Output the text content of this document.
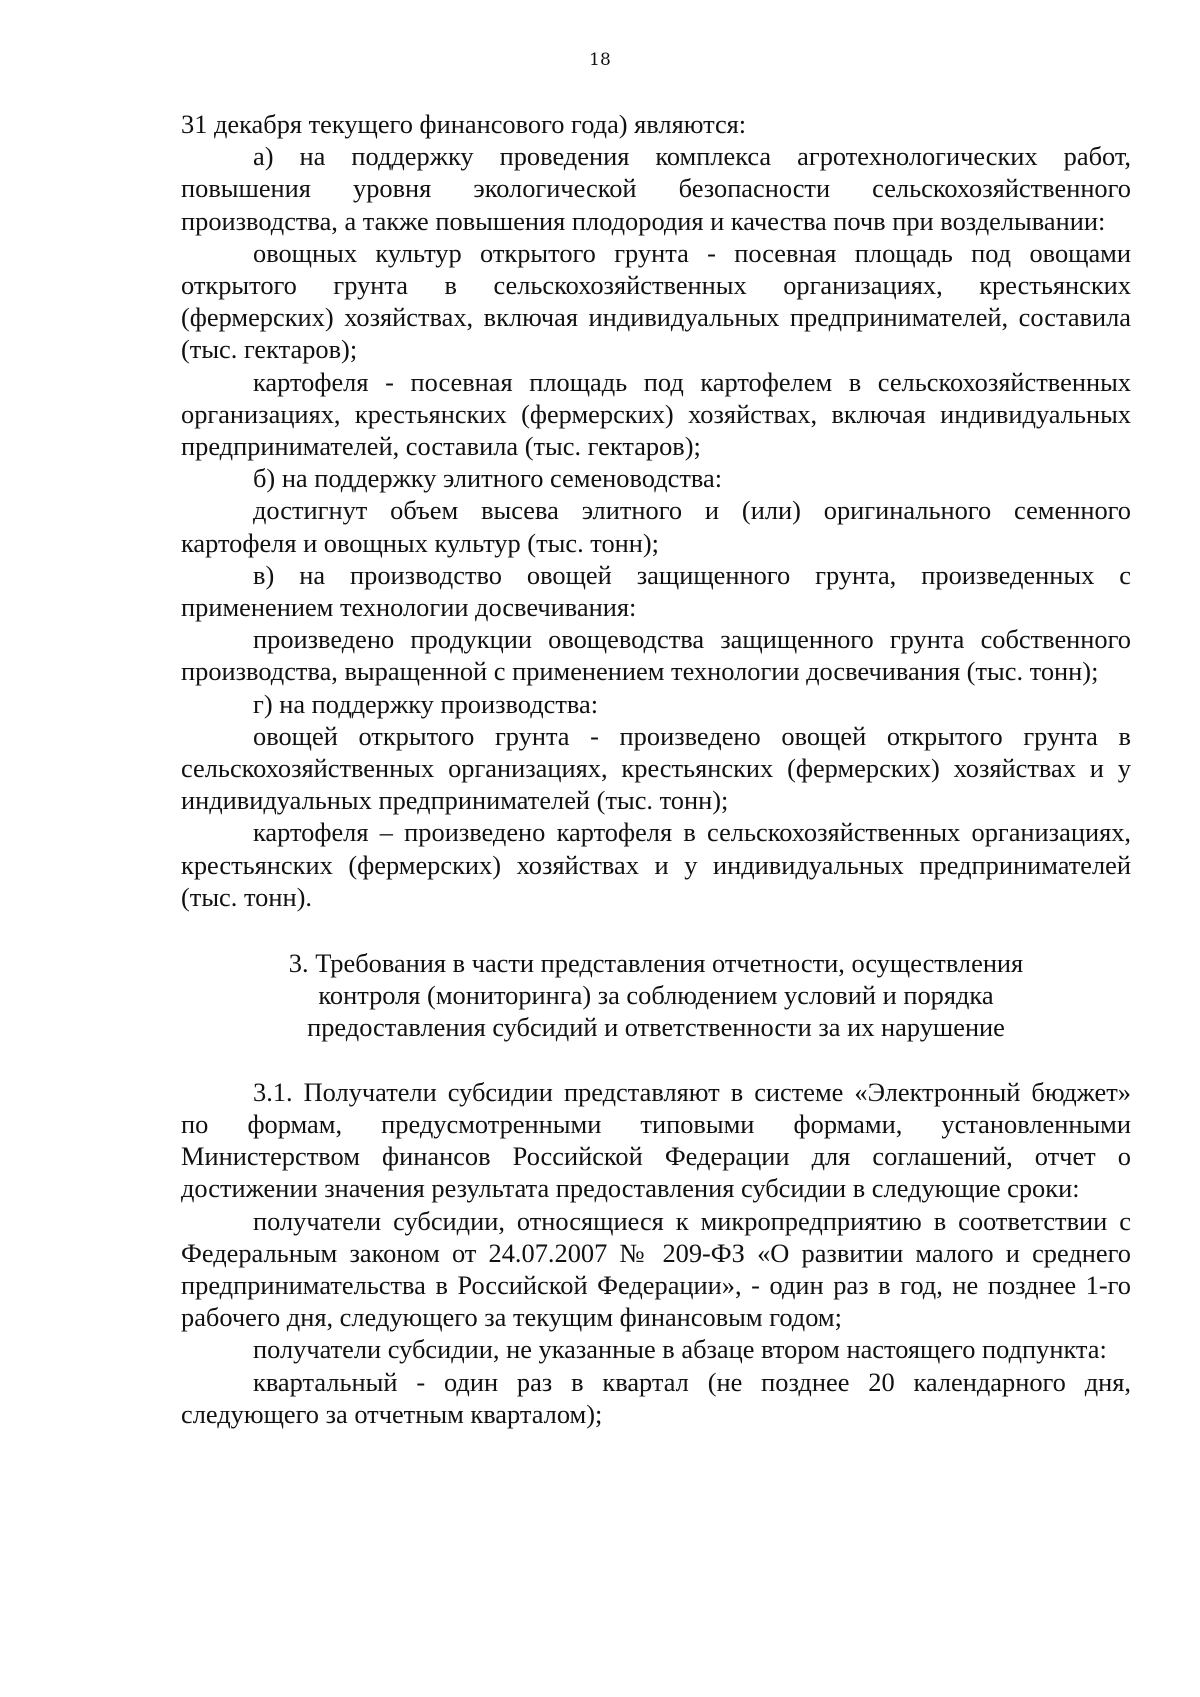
18

31 декабря текущего финансового года) являются:

а) на поддержку проведения комплекса агротехнологических работ, повышения уровня экологической безопасности сельскохозяйственного производства, а также повышения плодородия и качества почв при возделывании:

овощных культур открытого грунта - посевная площадь под овощами открытого грунта в сельскохозяйственных организациях, крестьянских (фермерских) хозяйствах, включая индивидуальных предпринимателей, составила (тыс. гектаров);

картофеля - посевная площадь под картофелем в сельскохозяйственных организациях, крестьянских (фермерских) хозяйствах, включая индивидуальных предпринимателей, составила (тыс. гектаров);

б) на поддержку элитного семеноводства:

достигнут объем высева элитного и (или) оригинального семенного картофеля и овощных культур (тыс. тонн);

в) на производство овощей защищенного грунта, произведенных с применением технологии досвечивания:

произведено продукции овощеводства защищенного грунта собственного производства, выращенной с применением технологии досвечивания (тыс. тонн);

г) на поддержку производства:

овощей открытого грунта - произведено овощей открытого грунта в сельскохозяйственных организациях, крестьянских (фермерских) хозяйствах и у индивидуальных предпринимателей (тыс. тонн);

картофеля – произведено картофеля в сельскохозяйственных организациях, крестьянских (фермерских) хозяйствах и у индивидуальных предпринимателей (тыс. тонн).

3. Требования в части представления отчетности, осуществления
контроля (мониторинга) за соблюдением условий и порядка
предоставления субсидий и ответственности за их нарушение

3.1. Получатели субсидии представляют в системе «Электронный бюджет» по формам, предусмотренными типовыми формами, установленными Министерством финансов Российской Федерации для соглашений, отчет о достижении значения результата предоставления субсидии в следующие сроки:

получатели субсидии, относящиеся к микропредприятию в соответствии с Федеральным законом от 24.07.2007 № 209-ФЗ «О развитии малого и среднего предпринимательства в Российской Федерации», - один раз в год, не позднее 1-го рабочего дня, следующего за текущим финансовым годом;

получатели субсидии, не указанные в абзаце втором настоящего подпункта:

квартальный - один раз в квартал (не позднее 20 календарного дня, следующего за отчетным кварталом);
